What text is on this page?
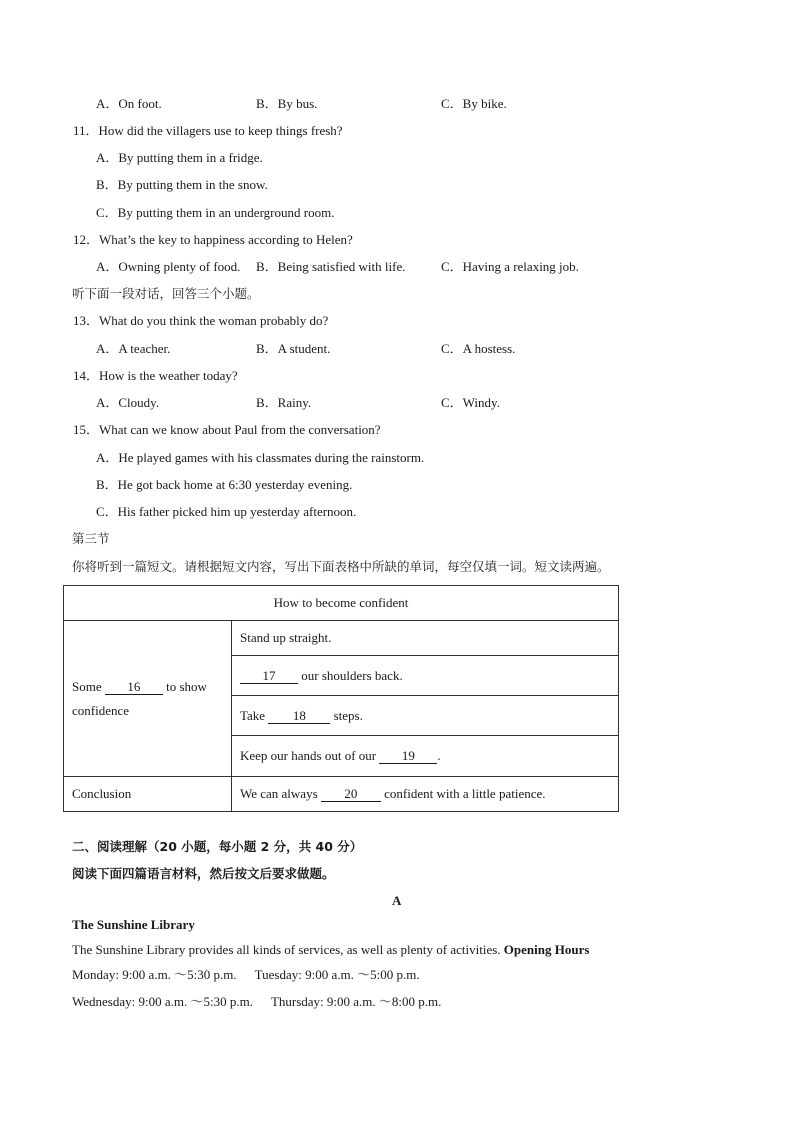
A．On foot.	B．By bus.	C．By bike.
11．How did the villagers use to keep things fresh?
A．By putting them in a fridge.
B．By putting them in the snow.
C．By putting them in an underground room.
12．What’s the key to happiness according to Helen?
A．Owning plenty of food. B．Being satisfied with life.	C．Having a relaxing job.
听下面一段对话，回答三个小题。
13．What do you think the woman probably do?
A．A teacher.	B．A student.	C．A hostess.
14．How is the weather today?
A．Cloudy.	B．Rainy.	C．Windy.
15．What can we know about Paul from the conversation?
A．He played games with his classmates during the rainstorm.
B．He got back home at 6:30 yesterday evening.
C．His father picked him up yesterday afternoon.
第三节
你将听到一篇短文。请根据短文内容，写出下面表格中所缺的单词，每空仅填一词。短文读两遍。
How to become confident	

Some 16 to show
confidence	Stand up straight.
	17 our shoulders back.
	Take 18 steps.
	Keep our hands out of our 19 .
Conclusion	We can always 20 confident with a little patience.
二、阅读理解（20 小题，每小题 2 分，共 40 分）
阅读下面四篇语言材料，然后按文后要求做题。
A
The Sunshine Library
The Sunshine Library provides all kinds of services, as well as plenty of activities. Opening Hours
Monday: 9:00 a.m. ～5:30 p.m. Tuesday: 9:00 a.m. ～5:00 p.m.
Wednesday: 9:00 a.m. ～5:30 p.m. Thursday: 9:00 a.m. ～8:00 p.m.
